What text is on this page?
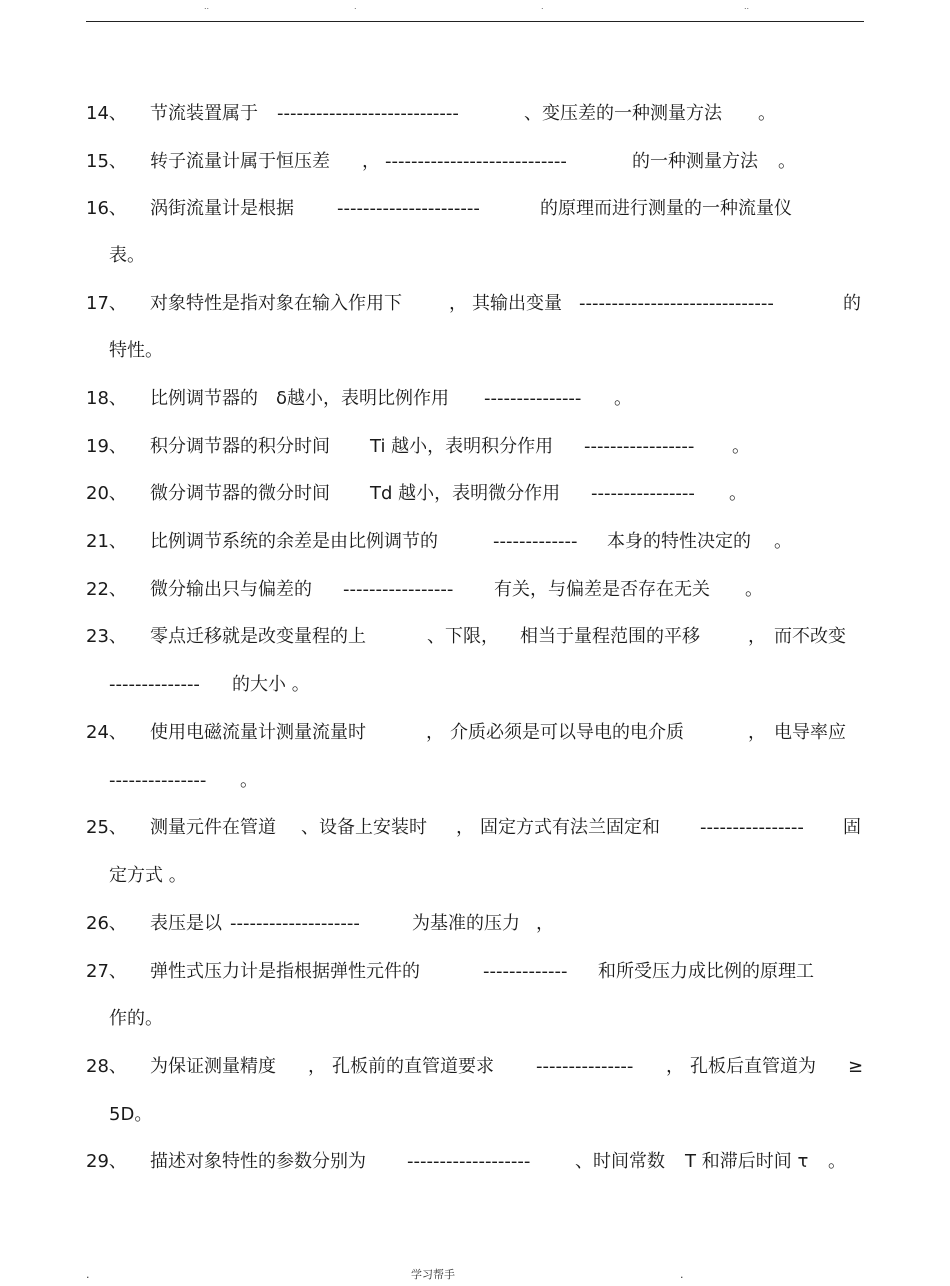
..	.	.	..
14、 节流装置属于 ----------------------------	、变压差的一种测量方法 。
15、 转子流量计属于恒压差 ， ----------------------------	的一种测量方法 。
16、 涡街流量计是根据 ----------------------	的原理而进行测量的一种流量仪
表。
17、 对象特性是指对象在输入作用下	， 其输出变量 ------------------------------	的
特性。
18、 比例调节器的 δ越小，表明比例作用 --------------- 。
19、 积分调节器的积分时间 Ti 越小，表明积分作用 ----------------- 。
20、 微分调节器的微分时间 Td 越小，表明微分作用 ---------------- 。
21、 比例调节系统的余差是由比例调节的	------------- 本身的特性决定的 。
22、 微分输出只与偏差的 ----------------- 有关，与偏差是否存在无关 。
23、 零点迁移就是改变量程的上	、下限， 相当于量程范围的平移	， 而不改变
-------------- 的大小 。
24、 使用电磁流量计测量流量时	， 介质必须是可以导电的电介质	， 电导率应
--------------- 。
25、 测量元件在管道 、设备上安装时 ， 固定方式有法兰固定和 ---------------- 固
定方式 。
26、 表压是以 --------------------	为基准的压力 ，
27、 弹性式压力计是指根据弹性元件的	------------- 和所受压力成比例的原理工
作的。
28、 为保证测量精度 ， 孔板前的直管道要求 --------------- ， 孔板后直管道为 ≥
5D。
29、 描述对象特性的参数分别为 ------------------- 、时间常数 T 和滞后时间 τ 。
.	学习帮手	.
